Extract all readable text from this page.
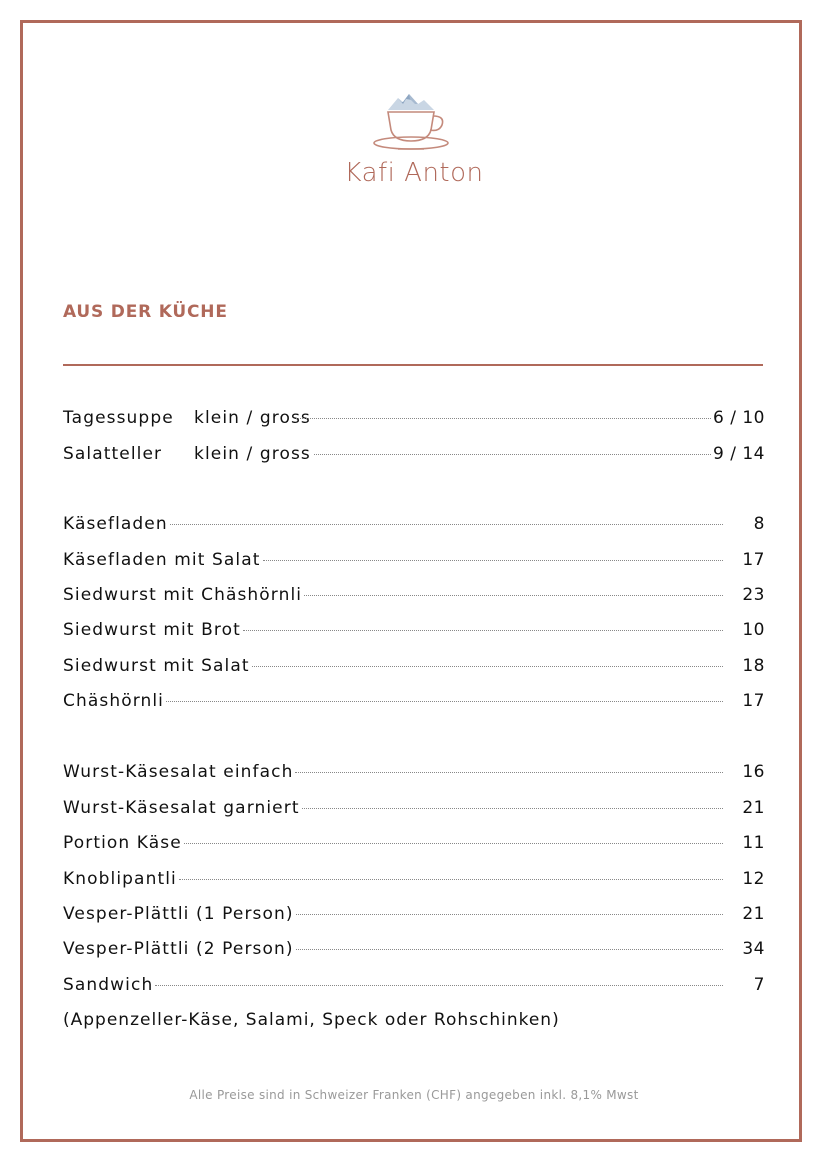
Kafi Anton
AUS DER KÜCHE
Tagessuppe klein / gross	6 / 10
Salatteller klein / gross	9 / 14
Käsefladen	8
Käsefladen mit Salat	17
Siedwurst mit Chäshörnli	23
Siedwurst mit Brot	10
Siedwurst mit Salat	18
Chäshörnli	17
Wurst-Käsesalat einfach	16
Wurst-Käsesalat garniert	21
Portion Käse	11
Knoblipantli	12
Vesper-Plättli (1 Person)	21
Vesper-Plättli (2 Person)	34
Sandwich	7
(Appenzeller-Käse, Salami, Speck oder Rohschinken)
Alle Preise sind in Schweizer Franken (CHF) angegeben inkl. 8,1% Mwst
